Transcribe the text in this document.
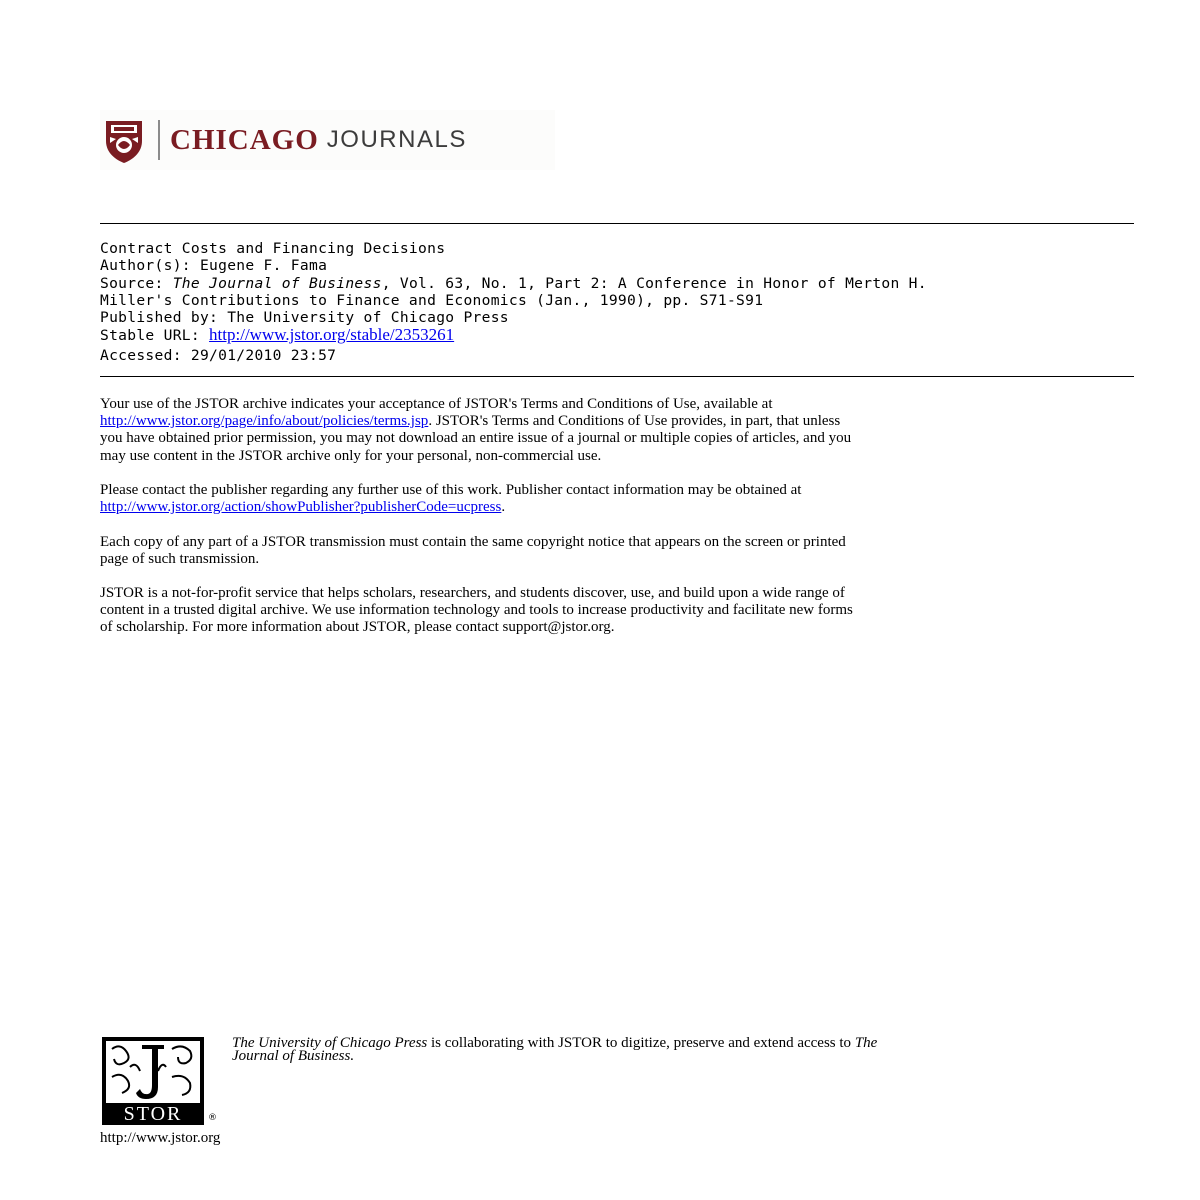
CHICAGO JOURNALS
Contract Costs and Financing Decisions
Author(s): Eugene F. Fama
Source: The Journal of Business, Vol. 63, No. 1, Part 2: A Conference in Honor of Merton H.
Miller's Contributions to Finance and Economics (Jan., 1990), pp. S71-S91
Published by: The University of Chicago Press
Stable URL: http://www.jstor.org/stable/2353261
Accessed: 29/01/2010 23:57
Your use of the JSTOR archive indicates your acceptance of JSTOR's Terms and Conditions of Use, available at
http://www.jstor.org/page/info/about/policies/terms.jsp. JSTOR's Terms and Conditions of Use provides, in part, that unless
you have obtained prior permission, you may not download an entire issue of a journal or multiple copies of articles, and you
may use content in the JSTOR archive only for your personal, non-commercial use.
Please contact the publisher regarding any further use of this work. Publisher contact information may be obtained at
http://www.jstor.org/action/showPublisher?publisherCode=ucpress.
Each copy of any part of a JSTOR transmission must contain the same copyright notice that appears on the screen or printed
page of such transmission.
JSTOR is a not-for-profit service that helps scholars, researchers, and students discover, use, and build upon a wide range of
content in a trusted digital archive. We use information technology and tools to increase productivity and facilitate new forms
of scholarship. For more information about JSTOR, please contact support@jstor.org.
STOR	®
The University of Chicago Press is collaborating with JSTOR to digitize, preserve and extend access to The
Journal of Business.
http://www.jstor.org
